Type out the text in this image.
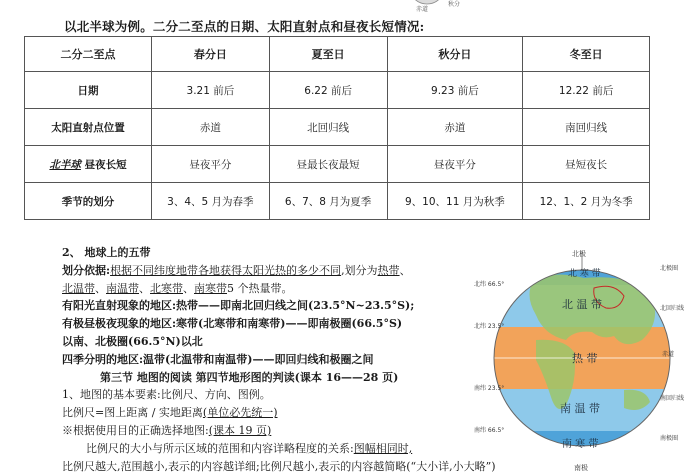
赤道
秋分
以北半球为例。二分二至点的日期、太阳直射点和昼夜长短情况:
二分二至点	春分日	夏至日	秋分日	冬至日
日期	3.21 前后	6.22 前后	9.23 前后	12.22 前后
太阳直射点位置	赤道	北回归线	赤道	南回归线
北半球 昼夜长短	昼夜平分	昼最长夜最短	昼夜平分	昼短夜长
季节的划分	3、4、5 月为春季	6、7、8 月为夏季	9、10、11 月为秋季	12、1、2 月为冬季
2、 地球上的五带
划分依据:根据不同纬度地带各地获得太阳光热的多少不同,划分为热带、
北温带、南温带、北寒带、南寒带5 个热量带。
有阳光直射现象的地区:热带——即南北回归线之间(23.5°N~23.5°S);
有极昼极夜现象的地区:寒带(北寒带和南寒带)——即南极圈(66.5°S)
以南、北极圈(66.5°N)以北
四季分明的地区:温带(北温带和南温带)——即回归线和极圈之间
第三节 地图的阅读 第四节地形图的判读(课本 16——28 页)
1、地图的基本要素:比例尺、方向、图例。
比例尺=图上距离 / 实地距离(单位必先统一)
※根据使用目的正确选择地图:(课本 19 页)
比例尺的大小与所示区域的范围和内容详略程度的关系:图幅相同时,
比例尺越大,范围越小,表示的内容越详细;比例尺越小,表示的内容越简略(“大小详,小大略”)
北极
南极
北 寒 带
北 温 带
热 带
南 温 带
南 寒 带
北纬 66.5°
北纬 23.5°
南纬 23.5°
南纬 66.5°
北极圈
北回归线
赤道
南回归线
南极圈
